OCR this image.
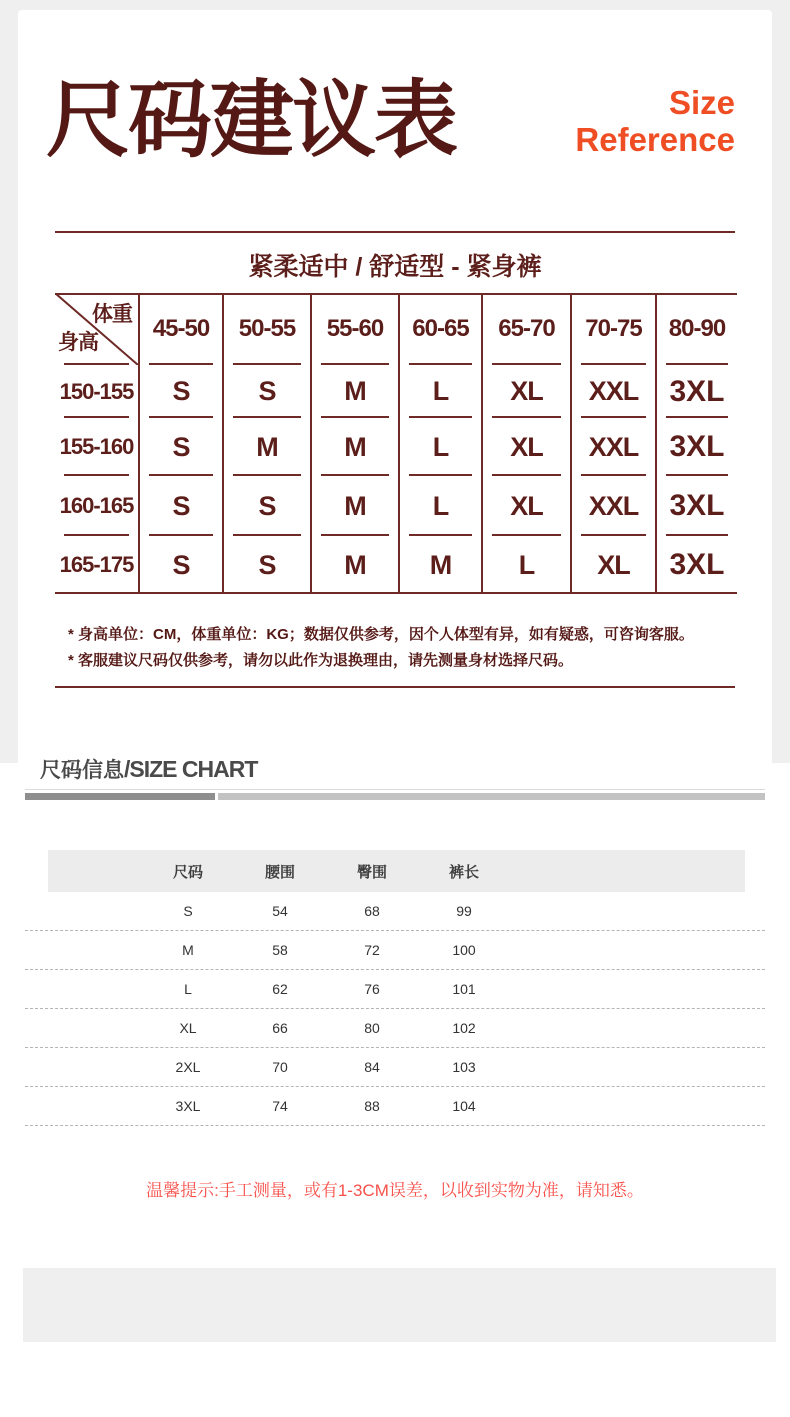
尺码建议表	Size
Reference
紧柔适中 / 舒适型 - 紧身裤
体重
身高
45-50	50-55	55-60	60-65	65-70	70-75	80-90
150-155	S	S	M	L	XL	XXL	3XL
155-160	S	M	M	L	XL	XXL	3XL
160-165	S	S	M	L	XL	XXL	3XL
165-175	S	S	M	M	L	XL	3XL
* 身高单位：CM，体重单位：KG；数据仅供参考，因个人体型有异，如有疑惑，可咨询客服。
* 客服建议尺码仅供参考，请勿以此作为退换理由，请先测量身材选择尺码。
尺码信息/SIZE CHART
尺码	腰围	臀围	裤长
S	54	68	99
M	58	72	100
L	62	76	101
XL	66	80	102
2XL	70	84	103
3XL	74	88	104
温馨提示:手工测量，或有1-3CM误差，以收到实物为准，请知悉。
